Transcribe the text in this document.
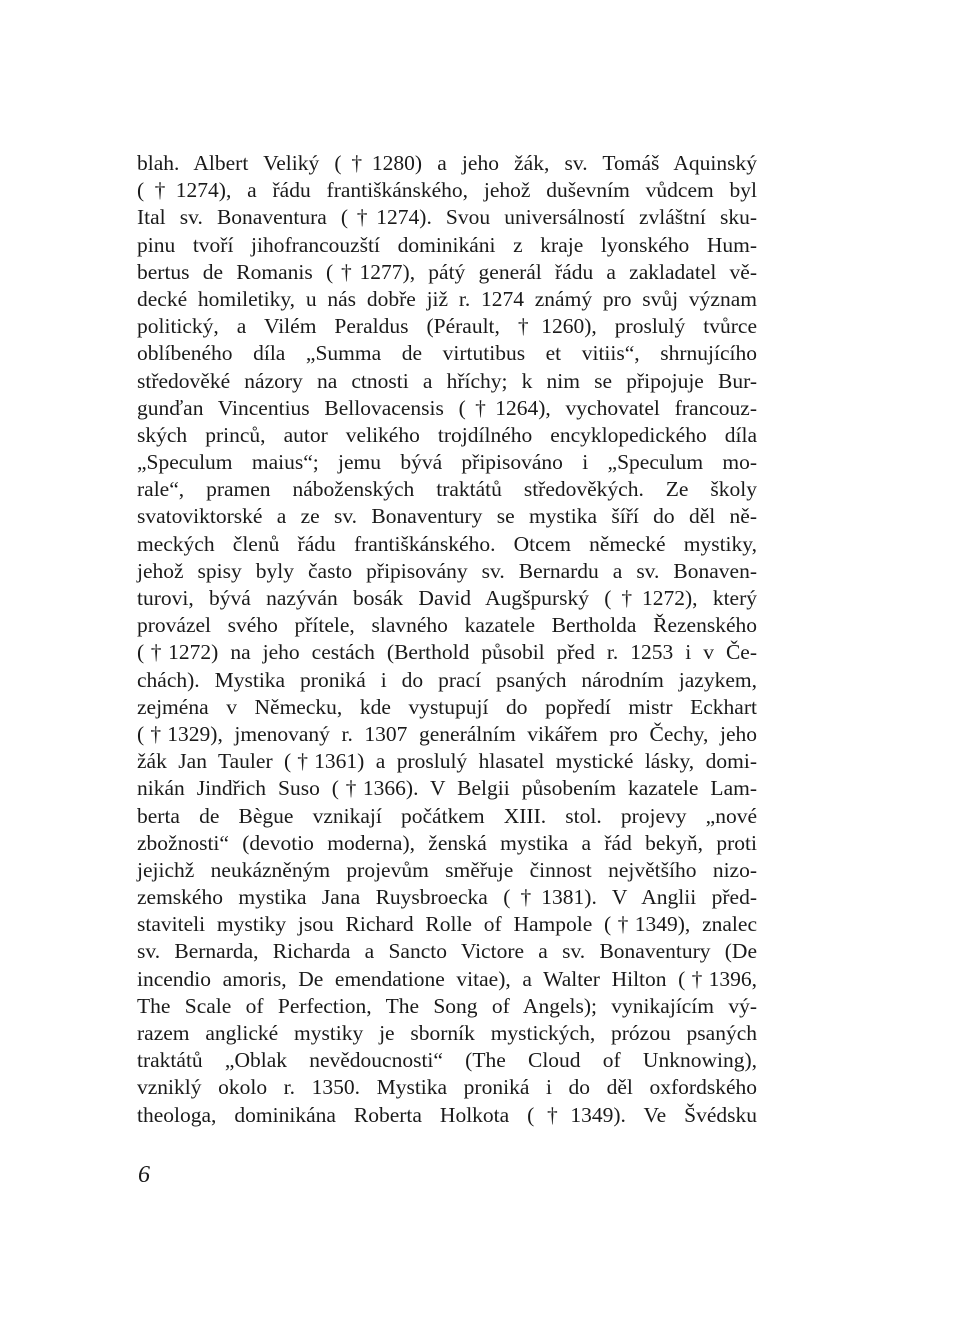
blah. Albert Veliký (†1280) a jeho žák, sv. Tomáš Aquinský
(†1274), a řádu františkánského, jehož duševním vůdcem byl
Ital sv. Bonaventura (†1274). Svou universálností zvláštní sku-
pinu tvoří jihofrancouzští dominikáni z kraje lyonského Hum-
bertus de Romanis (†1277), pátý generál řádu a zakladatel vě-
decké homiletiky, u nás dobře již r. 1274 známý pro svůj význam
politický, a Vilém Peraldus (Pérault, †1260), proslulý tvůrce
oblíbeného díla „Summa de virtutibus et vitiis“, shrnujícího
středověké názory na ctnosti a hříchy; k nim se připojuje Bur-
gunďan Vincentius Bellovacensis (†1264), vychovatel francouz-
ských princů, autor velikého trojdílného encyklopedického díla
„Speculum maius“; jemu bývá připisováno i „Speculum mo-
rale“, pramen náboženských traktátů středověkých. Ze školy
svatoviktorské a ze sv. Bonaventury se mystika šíří do děl ně-
meckých členů řádu františkánského. Otcem německé mystiky,
jehož spisy byly často připisovány sv. Bernardu a sv. Bonaven-
turovi, bývá nazýván bosák David Augšpurský (†1272), který
provázel svého přítele, slavného kazatele Bertholda Řezenského
(†1272) na jeho cestách (Berthold působil před r. 1253 i v Če-
chách). Mystika proniká i do prací psaných národním jazykem,
zejména v Německu, kde vystupují do popředí mistr Eckhart
(†1329), jmenovaný r. 1307 generálním vikářem pro Čechy, jeho
žák Jan Tauler (†1361) a proslulý hlasatel mystické lásky, domi-
nikán Jindřich Suso (†1366). V Belgii působením kazatele Lam-
berta de Bègue vznikají počátkem XIII. stol. projevy „nové
zbožnosti“ (devotio moderna), ženská mystika a řád bekyň, proti
jejichž neukázněným projevům směřuje činnost největšího nizo-
zemského mystika Jana Ruysbroecka (†1381). V Anglii před-
staviteli mystiky jsou Richard Rolle of Hampole (†1349), znalec
sv. Bernarda, Richarda a Sancto Victore a sv. Bonaventury (De
incendio amoris, De emendatione vitae), a Walter Hilton (†1396,
The Scale of Perfection, The Song of Angels); vynikajícím vý-
razem anglické mystiky je sborník mystických, prózou psaných
traktátů „Oblak nevědoucnosti“ (The Cloud of Unknowing),
vzniklý okolo r. 1350. Mystika proniká i do děl oxfordského
theologa, dominikána Roberta Holkota (†1349). Ve Švédsku
6
